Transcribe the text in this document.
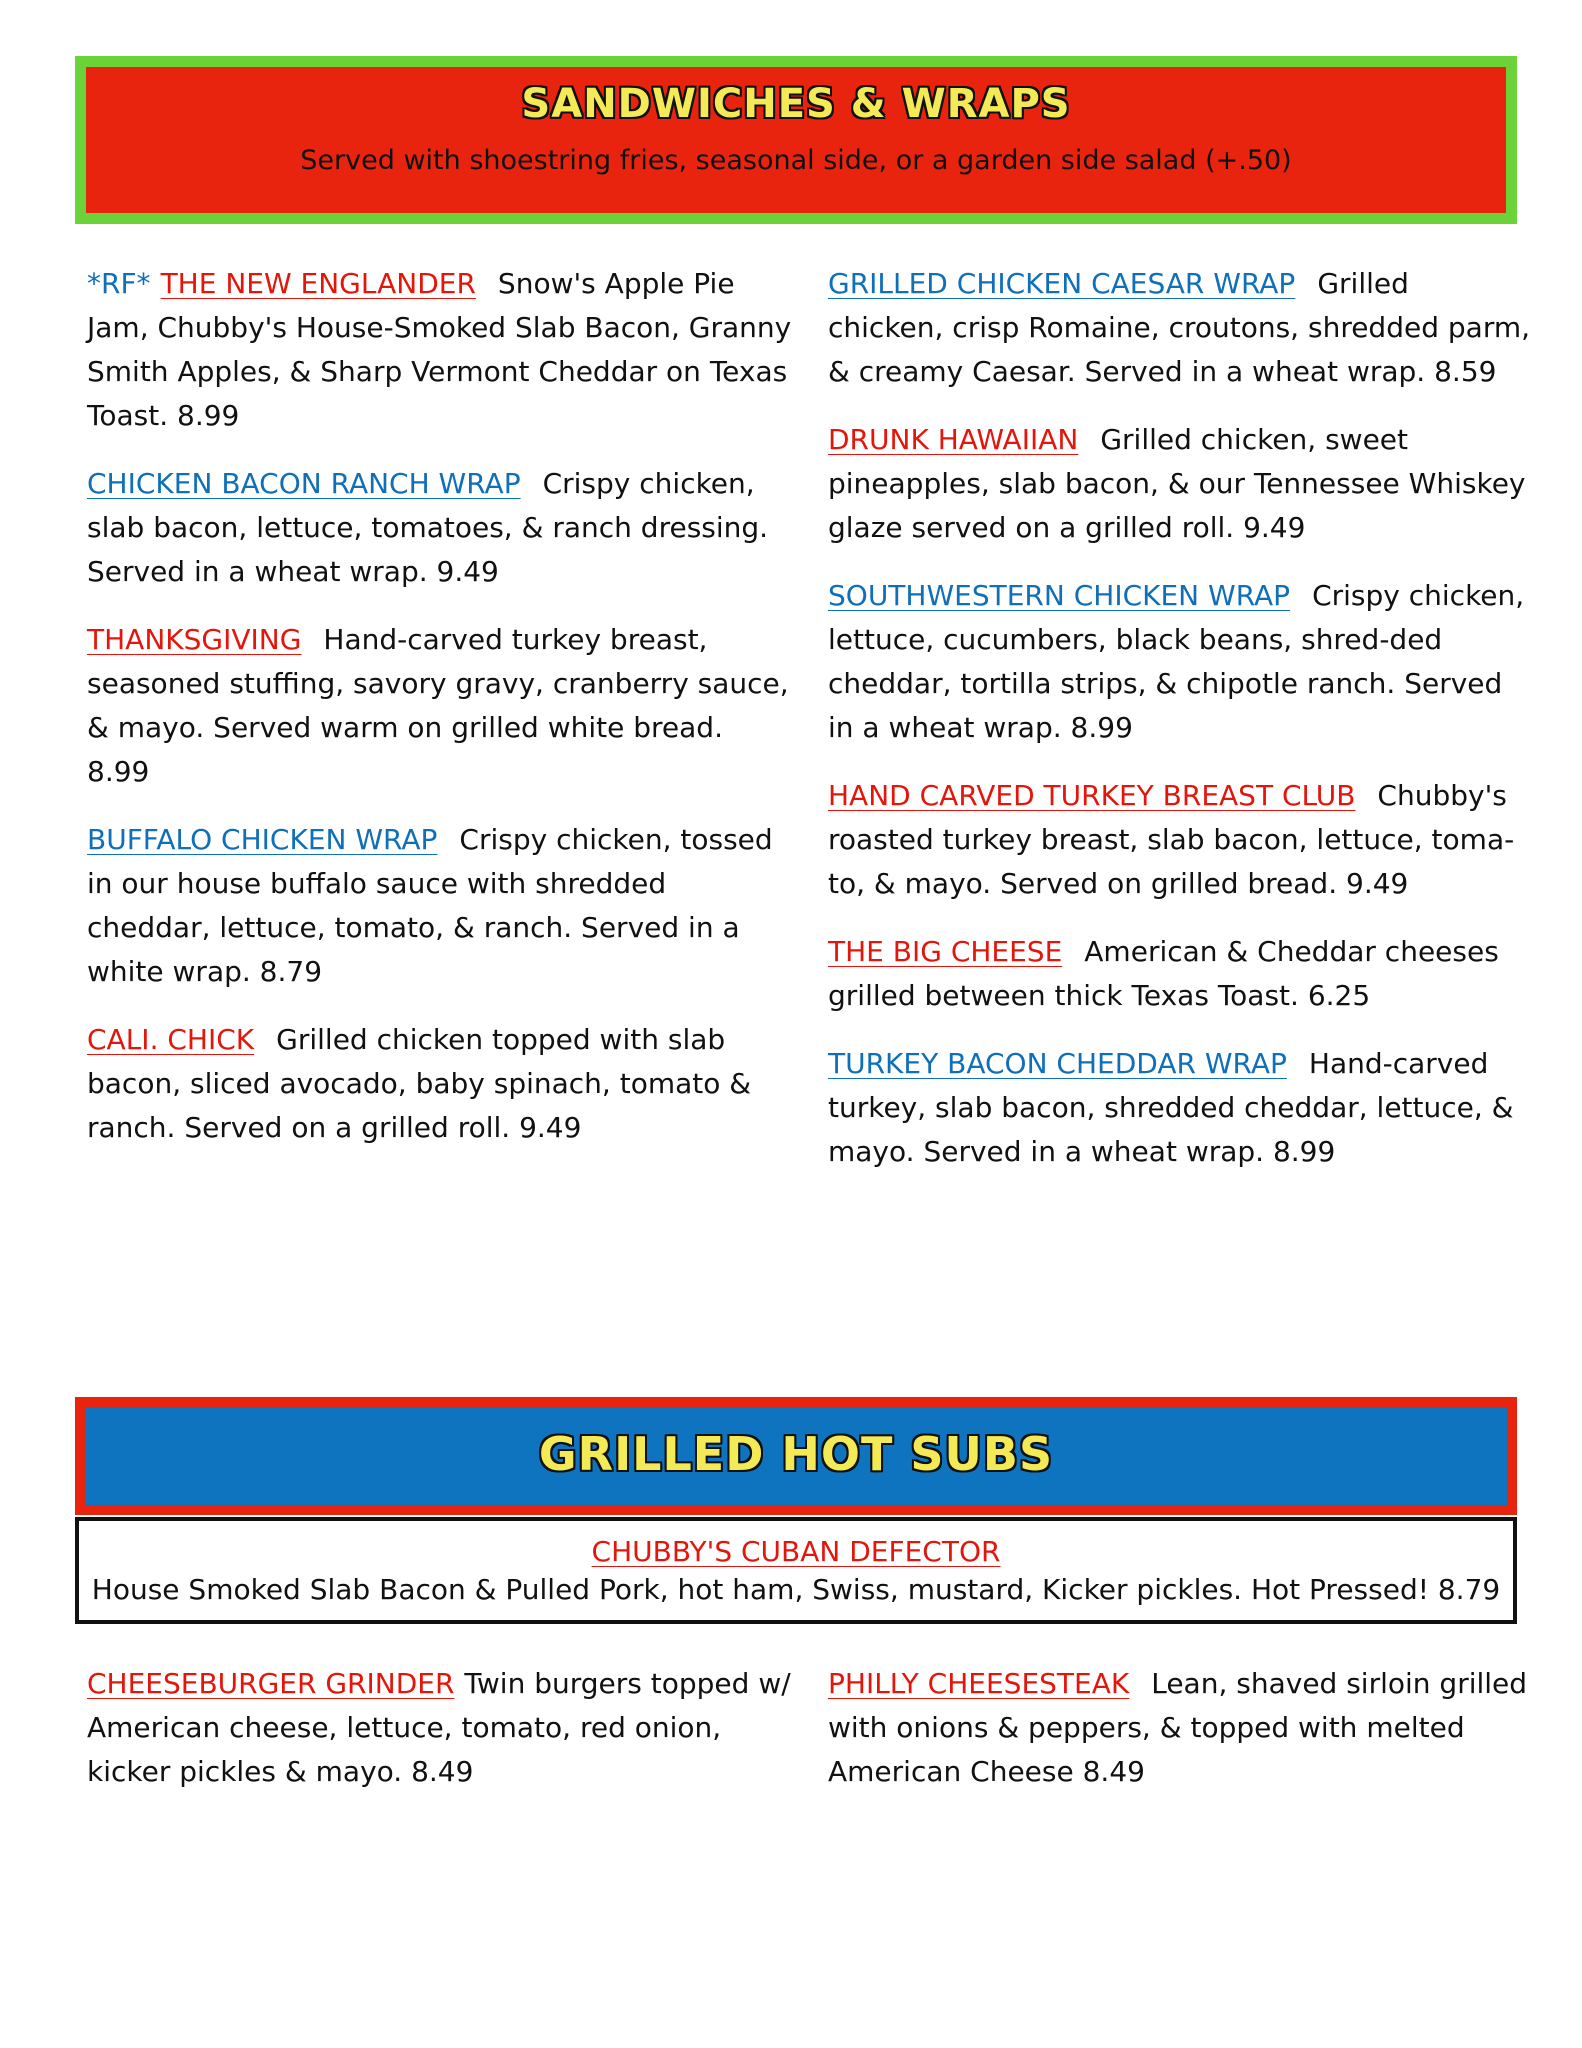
SANDWICHES & WRAPS
Served with shoestring fries, seasonal side, or a garden side salad (+.50)

*RF* THE NEW ENGLANDER Snow's Apple Pie Jam, Chubby's House-Smoked Slab Bacon, Granny Smith Apples, & Sharp Vermont Cheddar on Texas Toast. 8.99

CHICKEN BACON RANCH WRAP Crispy chicken, slab bacon, lettuce, tomatoes, & ranch dressing. Served in a wheat wrap. 9.49

THANKSGIVING Hand-carved turkey breast, seasoned stuffing, savory gravy, cranberry sauce, & mayo. Served warm on grilled white bread. 8.99

BUFFALO CHICKEN WRAP Crispy chicken, tossed in our house buffalo sauce with shredded cheddar, lettuce, tomato, & ranch. Served in a white wrap. 8.79

CALI. CHICK Grilled chicken topped with slab bacon, sliced avocado, baby spinach, tomato & ranch. Served on a grilled roll. 9.49

GRILLED CHICKEN CAESAR WRAP Grilled chicken, crisp Romaine, croutons, shredded parm, & creamy Caesar. Served in a wheat wrap. 8.59

DRUNK HAWAIIAN Grilled chicken, sweet pineapples, slab bacon, & our Tennessee Whiskey glaze served on a grilled roll. 9.49

SOUTHWESTERN CHICKEN WRAP Crispy chicken, lettuce, cucumbers, black beans, shred-ded cheddar, tortilla strips, & chipotle ranch. Served in a wheat wrap. 8.99

HAND CARVED TURKEY BREAST CLUB Chubby's roasted turkey breast, slab bacon, lettuce, toma-to, & mayo. Served on grilled bread. 9.49

THE BIG CHEESE American & Cheddar cheeses grilled between thick Texas Toast. 6.25

TURKEY BACON CHEDDAR WRAP Hand-carved turkey, slab bacon, shredded cheddar, lettuce, & mayo. Served in a wheat wrap. 8.99

GRILLED HOT SUBS
CHUBBY'S CUBAN DEFECTOR
House Smoked Slab Bacon & Pulled Pork, hot ham, Swiss, mustard, Kicker pickles. Hot Pressed! 8.79

CHEESEBURGER GRINDER Twin burgers topped w/ American cheese, lettuce, tomato, red onion, kicker pickles & mayo. 8.49

PHILLY CHEESESTEAK Lean, shaved sirloin grilled with onions & peppers, & topped with melted American Cheese 8.49
